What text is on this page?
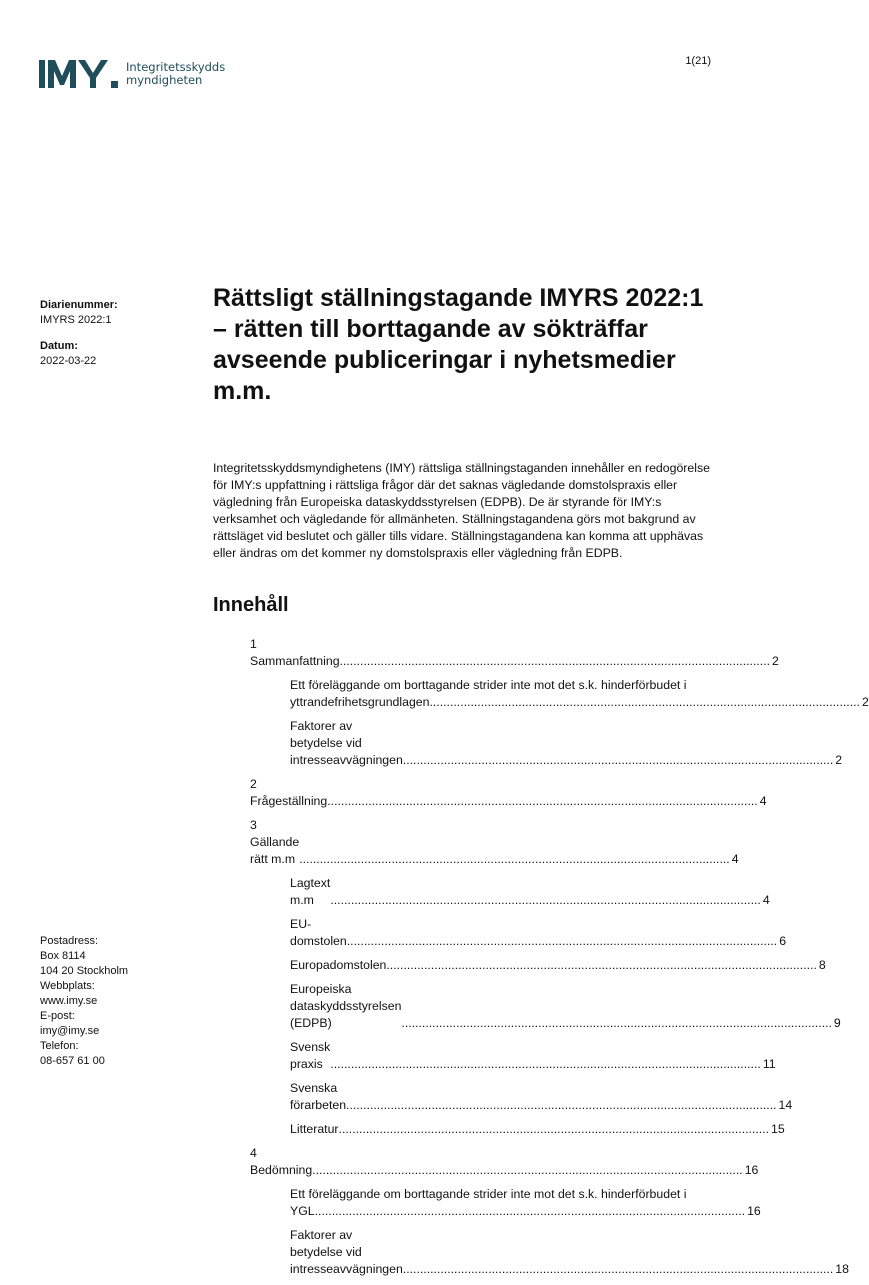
Integritetsskydds
myndigheten
1(21)
Diarienummer:
IMYRS 2022:1
Datum:
2022-03-22
Rättsligt ställningstagande IMYRS 2022:1 – rätten till borttagande av sökträffar avseende publiceringar i nyhetsmedier m.m.

Integritetsskyddsmyndighetens (IMY) rättsliga ställningstaganden innehåller en redogörelse för IMY:s uppfattning i rättsliga frågor där det saknas vägledande domstolspraxis eller vägledning från Europeiska dataskyddsstyrelsen (EDPB). De är styrande för IMY:s verksamhet och vägledande för allmänheten. Ställningstagandena görs mot bakgrund av rättsläget vid beslutet och gäller tills vidare. Ställningstagandena kan komma att upphävas eller ändras om det kommer ny domstolspraxis eller vägledning från EDPB.

Innehåll
1 Sammanfattning .............................................................................................................................. 2
Ett föreläggande om borttagande strider inte mot det s.k. hinderförbudet i
yttrandefrihetsgrundlagen .............................................................................................................................. 2
Faktorer av betydelse vid intresseavvägningen .............................................................................................................................. 2
2 Frågeställning .............................................................................................................................. 4
3 Gällande rätt m.m .............................................................................................................................. 4
Lagtext m.m	.............................................................................................................................. 4
EU-domstolen .............................................................................................................................. 6
Europadomstolen .............................................................................................................................. 8
Europeiska dataskyddsstyrelsen (EDPB)	.............................................................................................................................. 9
Svensk praxis .............................................................................................................................. 11
Svenska förarbeten .............................................................................................................................. 14
Litteratur .............................................................................................................................. 15
4 Bedömning .............................................................................................................................. 16
Ett föreläggande om borttagande strider inte mot det s.k. hinderförbudet i
YGL .............................................................................................................................. 16
Faktorer av betydelse vid intresseavvägningen .............................................................................................................................. 18
Postadress:
Box 8114
104 20 Stockholm
Webbplats:
www.imy.se
E-post:
imy@imy.se
Telefon:
08-657 61 00
